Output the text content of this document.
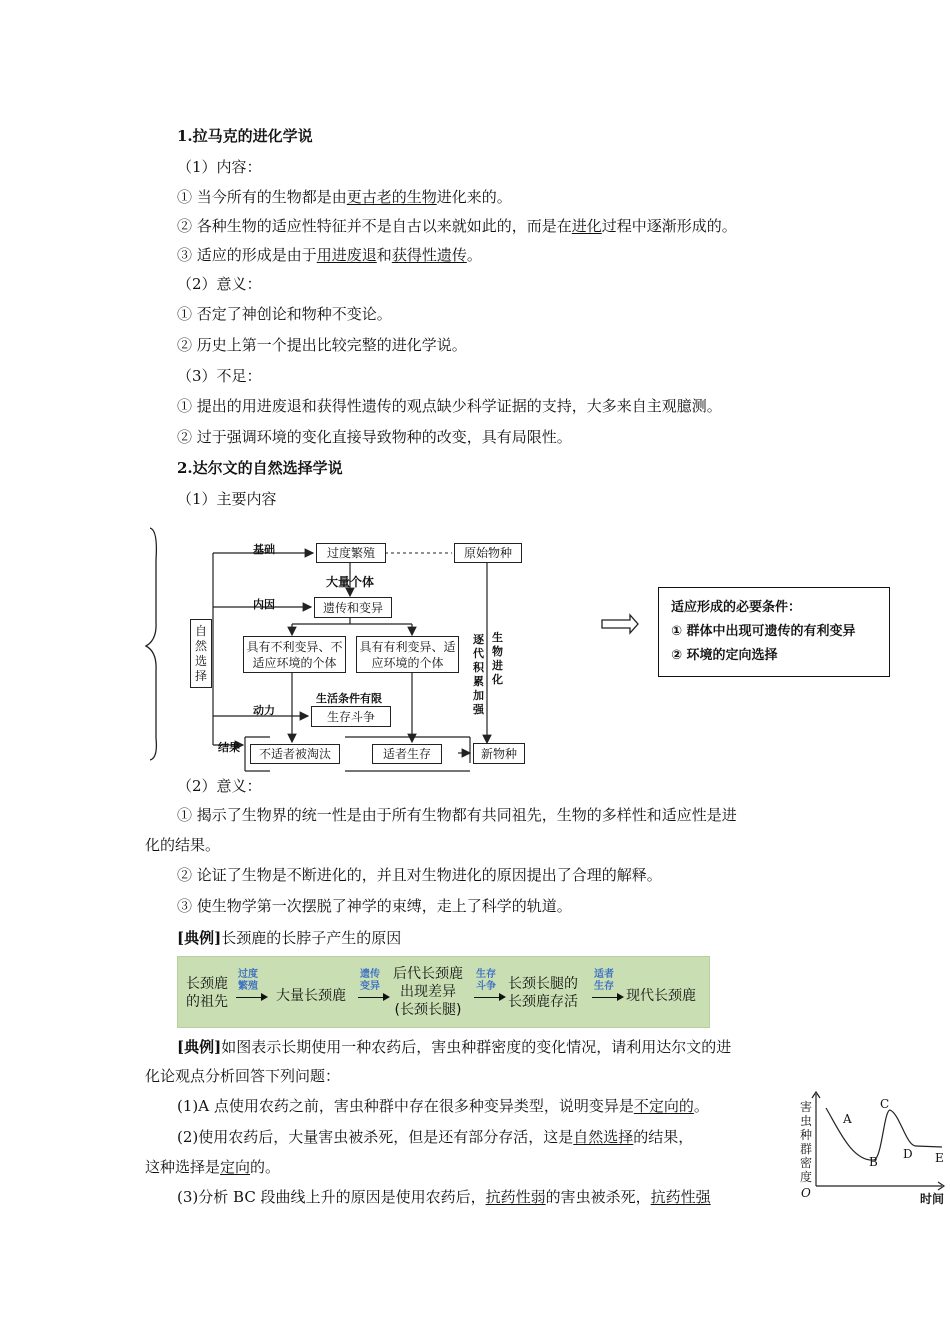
1.拉马克的进化学说
（1）内容：
① 当今所有的生物都是由更古老的生物进化来的。
② 各种生物的适应性特征并不是自古以来就如此的，而是在进化过程中逐渐形成的。
③ 适应的形成是由于用进废退和获得性遗传。
（2）意义：
① 否定了神创论和物种不变论。
② 历史上第一个提出比较完整的进化学说。
（3）不足：
① 提出的用进废退和获得性遗传的观点缺少科学证据的支持，大多来自主观臆测。
② 过于强调环境的变化直接导致物种的改变，具有局限性。
2.达尔文的自然选择学说
（1）主要内容
过度繁殖	原始物种
大量个体
遗传和变异
具有不利变异、不适应环境的个体
具有有利变异、适应环境的个体
生活条件有限
生存斗争
不适者被淘汰	适者生存	新物种
自然选择
基础
内因
动力
结果
逐代积累加强
生物进化
适应形成的必要条件：
① 群体中出现可遗传的有利变异
② 环境的定向选择
（2）意义：
① 揭示了生物界的统一性是由于所有生物都有共同祖先，生物的多样性和适应性是进
化的结果。
② 论证了生物是不断进化的，并且对生物进化的原因提出了合理的解释。
③ 使生物学第一次摆脱了神学的束缚，走上了科学的轨道。
[典例]长颈鹿的长脖子产生的原因
长颈鹿
的祖先
过度
繁殖
大量长颈鹿
遗传
变异
后代长颈鹿
出现差异
(长颈长腿)
生存
斗争 长颈长腿的
长颈鹿存活
适者
生存
现代长颈鹿
[典例]如图表示长期使用一种农药后，害虫种群密度的变化情况，请利用达尔文的进
化论观点分析回答下列问题：
(1)A 点使用农药之前，害虫种群中存在很多种变异类型，说明变异是不定向的。
(2)使用农药后，大量害虫被杀死，但是还有部分存活，这是自然选择的结果，
这种选择是定向的。
(3)分析 BC 段曲线上升的原因是使用农药后，抗药性弱的害虫被杀死，抗药性强
害虫种群密度
时间
O
A
B
C
D E
